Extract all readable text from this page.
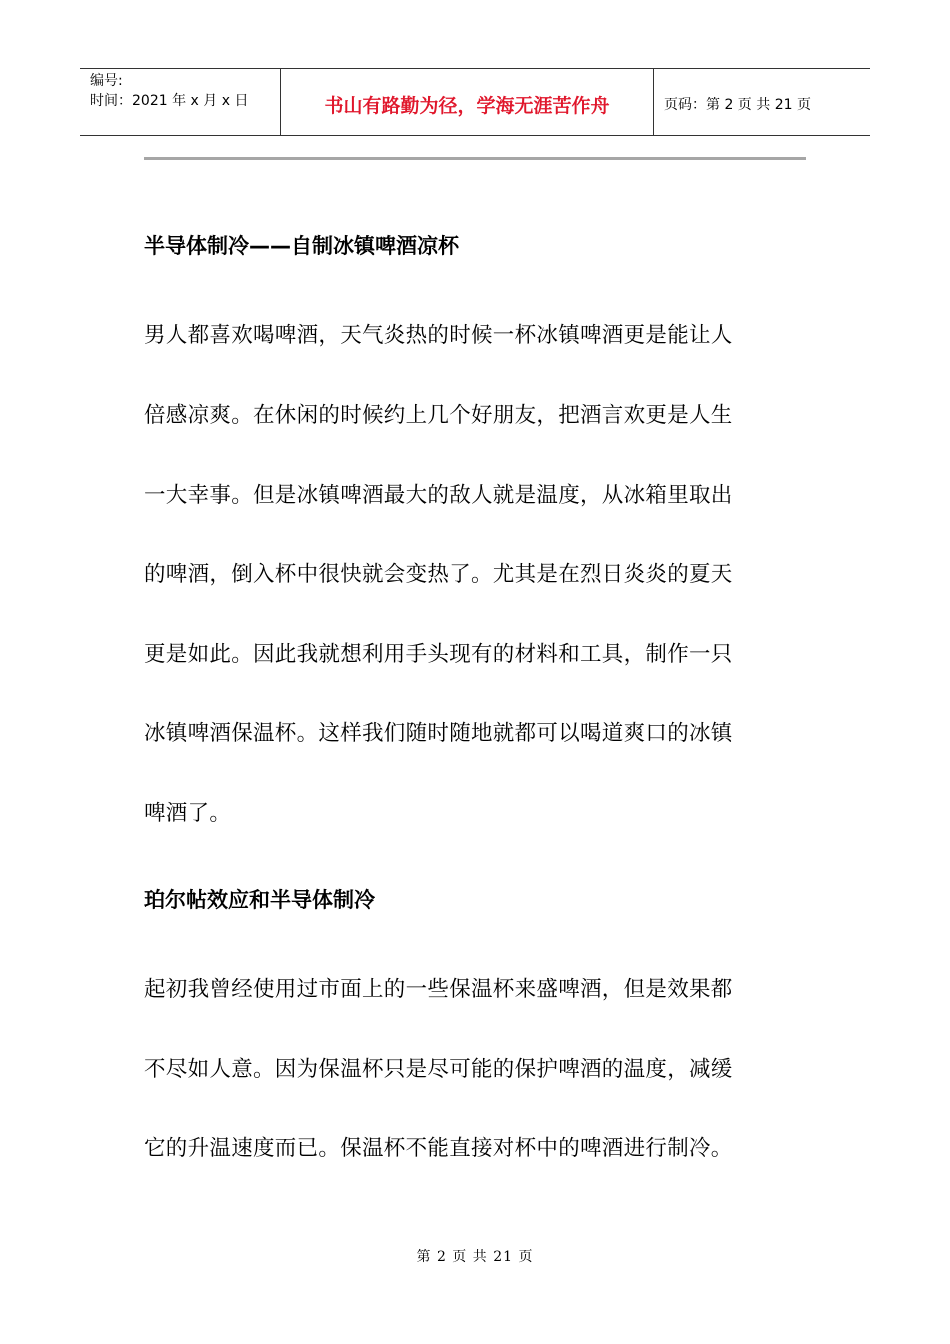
编号:
时间：2021 年 x 月 x 日	书山有路勤为径，学海无涯苦作舟	页码：第 2 页 共 21 页
半导体制冷——自制冰镇啤酒凉杯
男人都喜欢喝啤酒，天气炎热的时候一杯冰镇啤酒更是能让人
倍感凉爽。在休闲的时候约上几个好朋友，把酒言欢更是人生
一大幸事。但是冰镇啤酒最大的敌人就是温度，从冰箱里取出
的啤酒，倒入杯中很快就会变热了。尤其是在烈日炎炎的夏天
更是如此。因此我就想利用手头现有的材料和工具，制作一只
冰镇啤酒保温杯。这样我们随时随地就都可以喝道爽口的冰镇
啤酒了。
珀尔帖效应和半导体制冷
起初我曾经使用过市面上的一些保温杯来盛啤酒，但是效果都
不尽如人意。因为保温杯只是尽可能的保护啤酒的温度，减缓
它的升温速度而已。保温杯不能直接对杯中的啤酒进行制冷。
第 2 页 共 21 页
